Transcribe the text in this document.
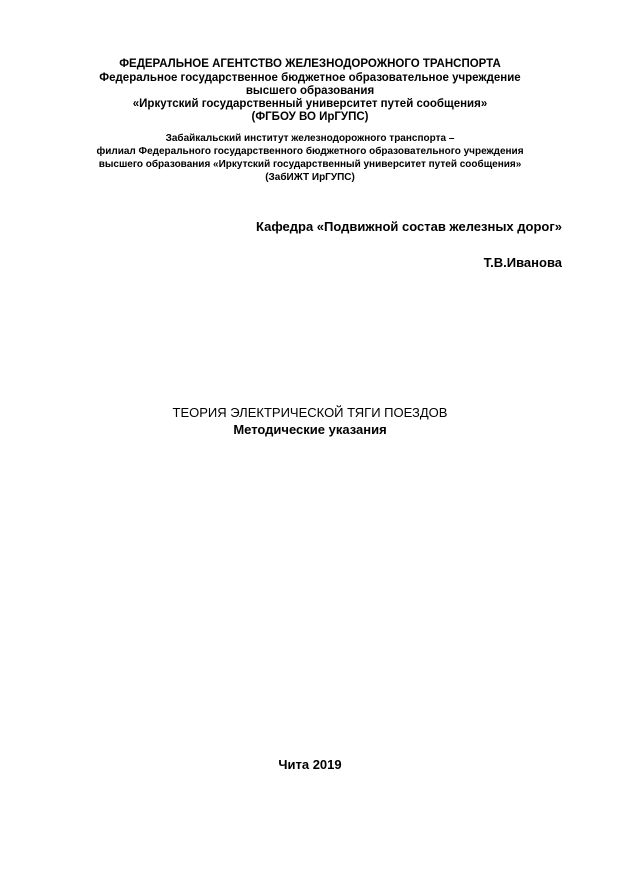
ФЕДЕРАЛЬНОЕ АГЕНТСТВО ЖЕЛЕЗНОДОРОЖНОГО ТРАНСПОРТА
Федеральное государственное бюджетное образовательное учреждение
высшего образования
«Иркутский государственный университет путей сообщения»
(ФГБОУ ВО ИрГУПС)
Забайкальский институт железнодорожного транспорта –
филиал Федерального государственного бюджетного образовательного учреждения
высшего образования «Иркутский государственный университет путей сообщения»
(ЗабИЖТ ИрГУПС)
Кафедра «Подвижной состав железных дорог»
Т.В.Иванова
ТЕОРИЯ ЭЛЕКТРИЧЕСКОЙ ТЯГИ ПОЕЗДОВ
Методические указания
Чита 2019
